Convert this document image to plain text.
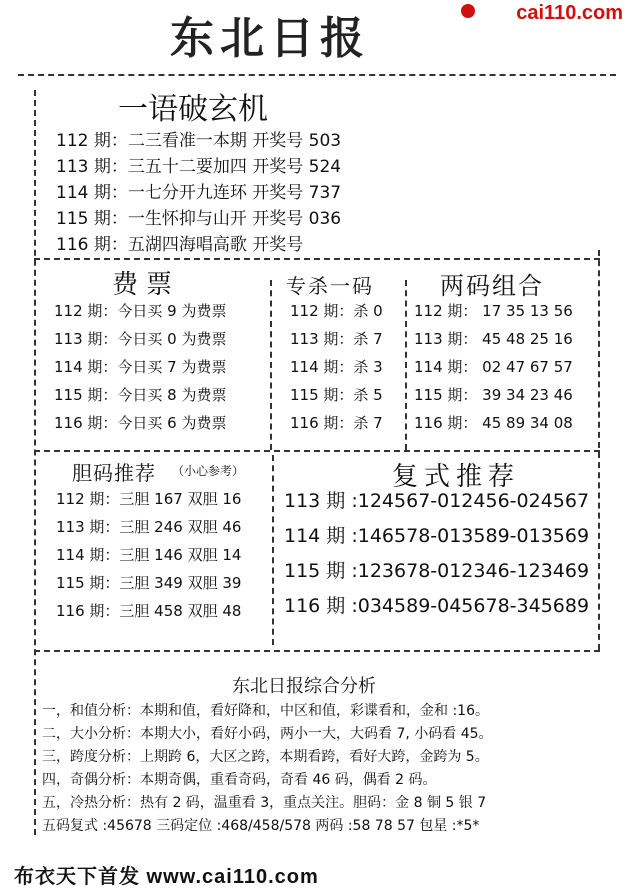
东北日报	cai110.com
一语破玄机
112 期：二三看准一本期 开奖号 503
113 期：三五十二要加四 开奖号 524
114 期：一七分开九连环 开奖号 737
115 期：一生怀抑与山开 开奖号 036
116 期：五湖四海唱高歌 开奖号
费票
112 期：今日买 9 为费票
113 期：今日买 0 为费票
114 期：今日买 7 为费票
115 期：今日买 8 为费票
116 期：今日买 6 为费票
专杀一码
112 期：杀 0
113 期：杀 7
114 期：杀 3
115 期：杀 5
116 期：杀 7
两码组合
112 期： 17 35 13 56
113 期： 45 48 25 16
114 期： 02 47 67 57
115 期： 39 34 23 46
116 期： 45 89 34 08
胆码推荐 （小心参考）
112 期：三胆 167 双胆 16
113 期：三胆 246 双胆 46
114 期：三胆 146 双胆 14
115 期：三胆 349 双胆 39
116 期：三胆 458 双胆 48
复式推荐
113 期 :124567-012456-024567
114 期 :146578-013589-013569
115 期 :123678-012346-123469
116 期 :034589-045678-345689
东北日报综合分析
一，和值分析：本期和值，看好降和，中区和值，彩谍看和，金和 :16。
二，大小分析：本期大小，看好小码，两小一大，大码看 7, 小码看 45。
三，跨度分析：上期跨 6，大区之跨，本期看跨，看好大跨，金跨为 5。
四，奇偶分析：本期奇偶，重看奇码，奇看 46 码，偶看 2 码。
五，冷热分析：热有 2 码，温重看 3，重点关注。胆码：金 8 铜 5 银 7
五码复式 :45678 三码定位 :468/458/578 两码 :58 78 57 包星 :*5*
布衣天下首发 www.cai110.com
